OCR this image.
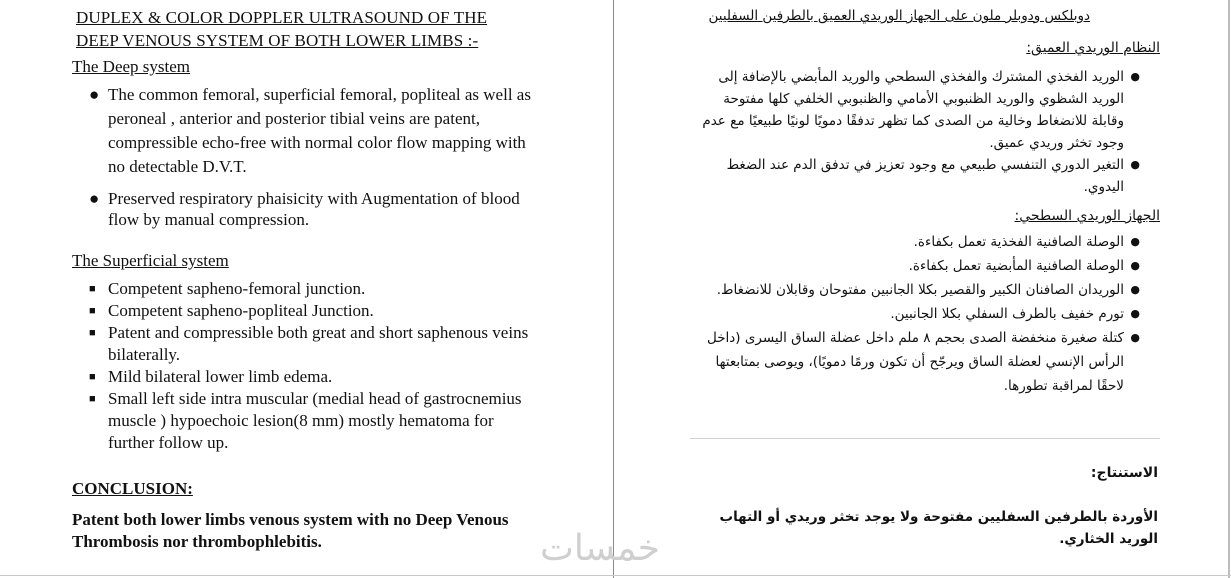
DUPLEX & COLOR DOPPLER ULTRASOUND OF THE

DEEP VENOUS SYSTEM OF BOTH LOWER LIMBS :-

The Deep system

● The common femoral, superficial femoral, popliteal as well as peroneal , anterior and posterior tibial veins are patent, compressible echo-free with normal color flow mapping with no detectable D.V.T.
● Preserved respiratory phaisicity with Augmentation of blood flow by manual compression.

The Superficial system

■ Competent sapheno-femoral junction.
■ Competent sapheno-popliteal Junction.
■ Patent and compressible both great and short saphenous veins bilaterally.
■ Mild bilateral lower limb edema.
■ Small left side intra muscular (medial head of gastrocnemius muscle ) hypoechoic lesion(8 mm) mostly hematoma for further follow up.

CONCLUSION:

Patent both lower limbs venous system with no Deep Venous Thrombosis nor thrombophlebitis.

دوبلكس ودوبلر ملون على الجهاز الوريدي العميق بالطرفين السفليين

النظام الوريدي العميق:

●
الوريد الفخذي المشترك والفخذي السطحي والوريد المأبضي بالإضافة إلى الوريد الشظوي والوريد الظنبوبي الأمامي والظنبوبي الخلفي كلها مفتوحة وقابلة للانضغاط وخالية من الصدى كما تظهر تدفقًا دمويًا لونيًا طبيعيًا مع عدم وجود تخثر وريدي عميق.
●
التغير الدوري التنفسي طبيعي مع وجود تعزيز في تدفق الدم عند الضغط اليدوي.

الجهاز الوريدي السطحي:

●
الوصلة الصافنية الفخذية تعمل بكفاءة.
●
الوصلة الصافنية المأبضية تعمل بكفاءة.
●
الوريدان الصافنان الكبير والقصير بكلا الجانبين مفتوحان وقابلان للانضغاط.
●
تورم خفيف بالطرف السفلي بكلا الجانبين.
●
كتلة صغيرة منخفضة الصدى بحجم ٨ ملم داخل عضلة الساق اليسرى (داخل الرأس الإنسي لعضلة الساق ويرجّح أن تكون ورمًا دمويًا)، ويوصى بمتابعتها لاحقًا لمراقبة تطورها.

الاستنتاج:

الأوردة بالطرفين السفليين مفتوحة ولا يوجد تخثر وريدي أو التهاب الوريد الخثاري.

خمسات
